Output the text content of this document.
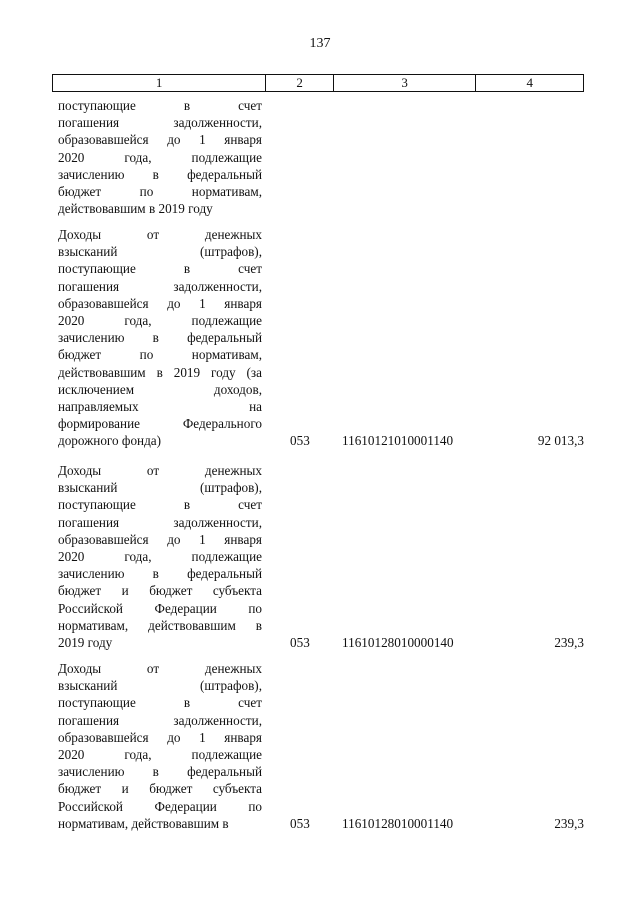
137
1	2	3	4
поступающие в счет
погашения задолженности,
образовавшейся до 1 января
2020 года, подлежащие
зачислению в федеральный
бюджет по нормативам,
действовавшим в 2019 году
Доходы от денежных
взысканий (штрафов),
поступающие в счет
погашения задолженности,
образовавшейся до 1 января
2020 года, подлежащие
зачислению в федеральный
бюджет по нормативам,
действовавшим в 2019 году (за
исключением доходов,
направляемых на
формирование Федерального
дорожного фонда)	053	11610121010001140	92 013,3
Доходы от денежных
взысканий (штрафов),
поступающие в счет
погашения задолженности,
образовавшейся до 1 января
2020 года, подлежащие
зачислению в федеральный
бюджет и бюджет субъекта
Российской Федерации по
нормативам, действовавшим в
2019 году	053	11610128010000140	239,3
Доходы от денежных
взысканий (штрафов),
поступающие в счет
погашения задолженности,
образовавшейся до 1 января
2020 года, подлежащие
зачислению в федеральный
бюджет и бюджет субъекта
Российской Федерации по
нормативам, действовавшим в	053	11610128010001140	239,3
